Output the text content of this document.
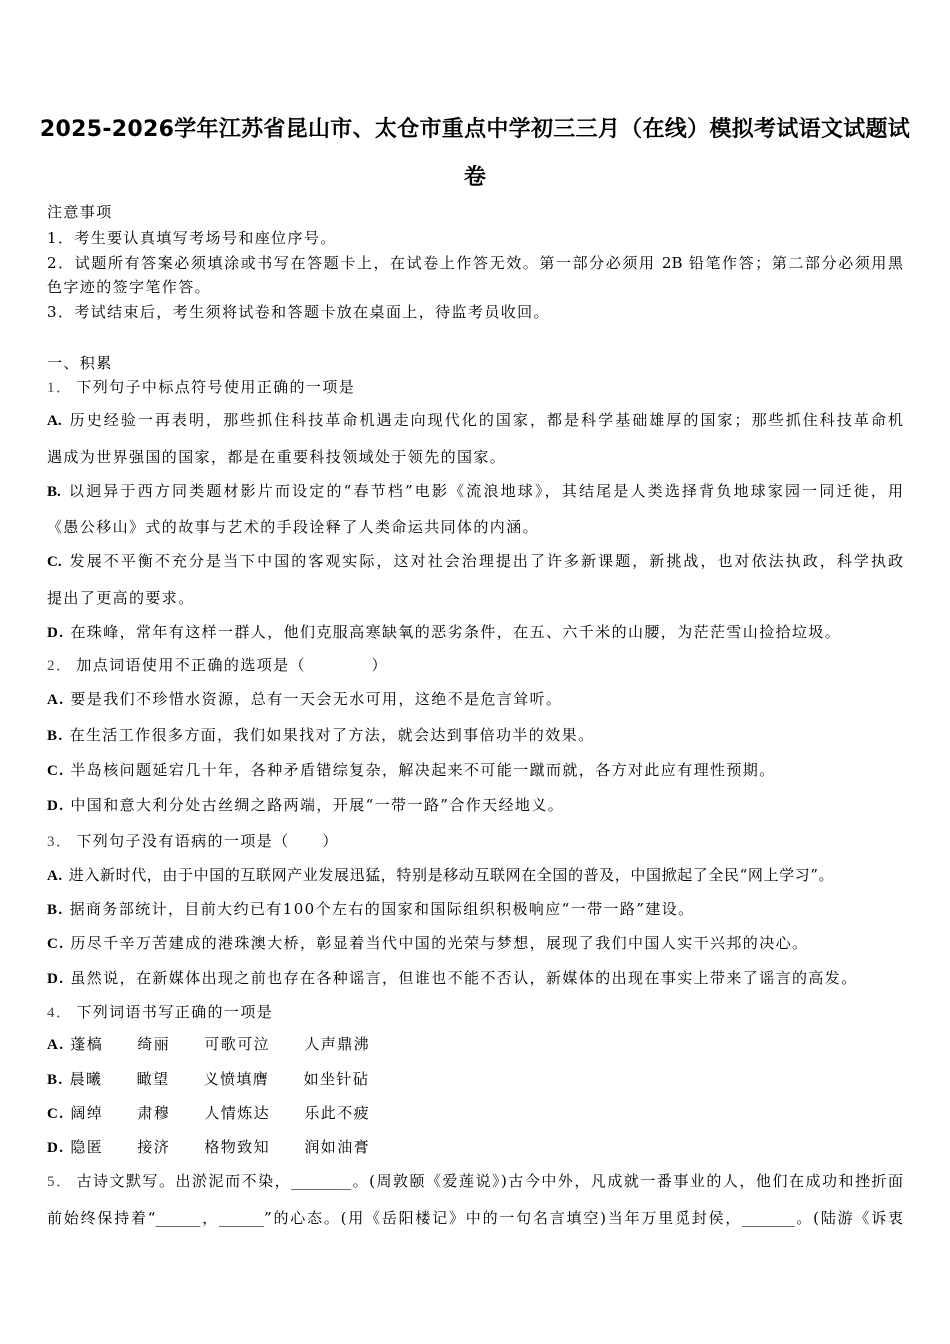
2025-2026学年江苏省昆山市、太仓市重点中学初三三月（在线）模拟考试语文试题试
卷
注意事项
1．考生要认真填写考场号和座位序号。
2．试题所有答案必须填涂或书写在答题卡上，在试卷上作答无效。第一部分必须用 2B 铅笔作答；第二部分必须用黑
色字迹的签字笔作答。
3．考试结束后，考生须将试卷和答题卡放在桌面上，待监考员收回。
一、积累
1． 下列句子中标点符号使用正确的一项是
A. 历史经验一再表明，那些抓住科技革命机遇走向现代化的国家，都是科学基础雄厚的国家；那些抓住科技革命机
遇成为世界强国的国家，都是在重要科技领域处于领先的国家。
B. 以迥异于西方同类题材影片而设定的“春节档”电影《流浪地球》，其结尾是人类选择背负地球家园一同迁徙，用
《愚公移山》式的故事与艺术的手段诠释了人类命运共同体的内涵。
C. 发展不平衡不充分是当下中国的客观实际，这对社会治理提出了许多新课题，新挑战，也对依法执政，科学执政
提出了更高的要求。
D. 在珠峰，常年有这样一群人，他们克服高寒缺氧的恶劣条件，在五、六千米的山腰，为茫茫雪山捡拾垃圾。
2． 加点词语使用不正确的选项是（　　　　）
A. 要是我们不珍惜水资源，总有一天会无水可用，这绝不是危言耸听。
B. 在生活工作很多方面，我们如果找对了方法，就会达到事倍功半的效果。
C. 半岛核问题延宕几十年，各种矛盾错综复杂，解决起来不可能一蹴而就，各方对此应有理性预期。
D. 中国和意大利分处古丝绸之路两端，开展“一带一路”合作天经地义。
3． 下列句子没有语病的一项是（　　）
A. 进入新时代，由于中国的互联网产业发展迅猛，特别是移动互联网在全国的普及，中国掀起了全民“网上学习”。
B. 据商务部统计，目前大约已有100个左右的国家和国际组织积极响应“一带一路”建设。
C. 历尽千辛万苦建成的港珠澳大桥，彰显着当代中国的光荣与梦想，展现了我们中国人实干兴邦的决心。
D. 虽然说，在新媒体出现之前也存在各种谣言，但谁也不能不否认，新媒体的出现在事实上带来了谣言的高发。
4． 下列词语书写正确的一项是
A. 蓬槁 绮丽 可歌可泣 人声鼎沸
B. 晨曦 瞰望 义愤填膺 如坐针砧
C. 阔绰 肃穆 人情炼达 乐此不疲
D. 隐匿 接济 格物致知 润如油膏
5． 古诗文默写。出淤泥而不染，________。(周敦颐《爱莲说》)古今中外，凡成就一番事业的人，他们在成功和挫折面
前始终保持着“______，______”的心态。(用《岳阳楼记》中的一句名言填空)当年万里觅封侯，_______。(陆游《诉衷
